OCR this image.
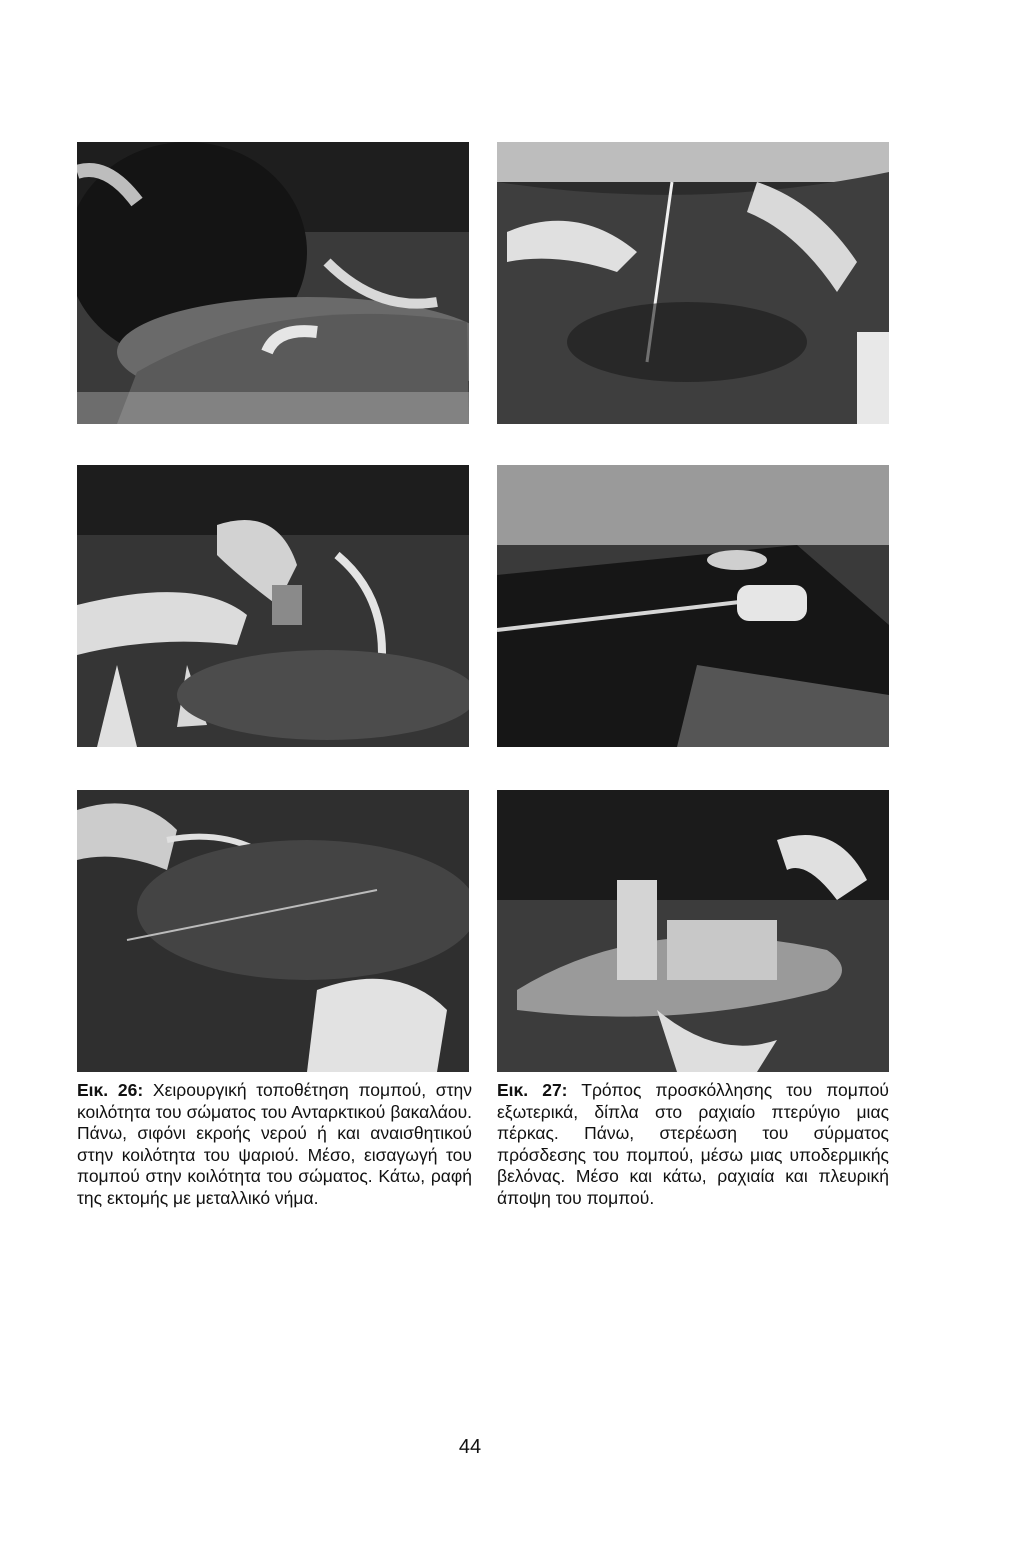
Εικ. 26: Χειρουργική τοποθέτηση πομπού, στην κοιλότητα του σώματος του Ανταρκτικού βακαλάου. Πάνω, σιφόνι εκροής νερού ή και αναισθητικού στην κοιλότητα του ψαριού. Μέσο, εισαγωγή του πομπού στην κοιλότητα του σώματος. Κάτω, ραφή της εκτομής με μεταλλικό νήμα.

Εικ. 27: Τρόπος προσκόλλησης του πομπού εξωτερικά, δίπλα στο ραχιαίο πτερύγιο μιας πέρκας. Πάνω, στερέωση του σύρματος πρόσδεσης του πομπού, μέσω μιας υποδερμικής βελόνας. Μέσο και κάτω, ραχιαία και πλευρική άποψη του πομπού.

44
